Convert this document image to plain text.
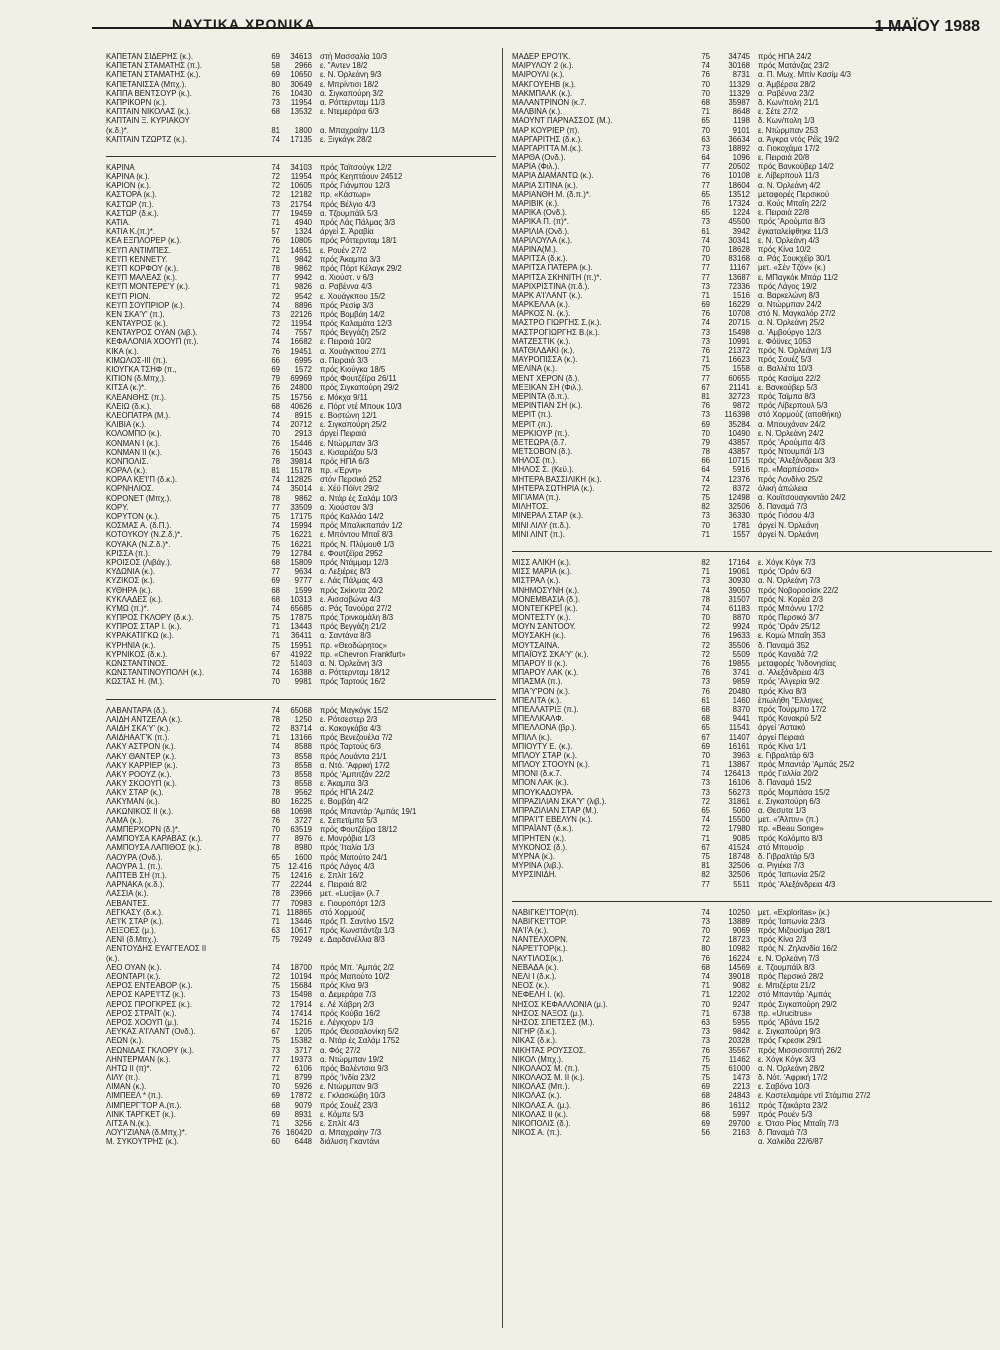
ΝΑΥΤΙΚΑ ΧΡΟΝΙΚΑ	1 ΜΑΪΟΥ 1988
ΚΑΠΕΤΑΝ ΣΙΔΕΡΗΣ (κ.).	69	34613	στή Μασσαλία 10/3
ΚΑΠΕΤΑΝ ΣΤΑΜΑΤΗΣ (π.).	58	2966	ε. "Αντεν 18/2
ΚΑΠΕΤΑΝ ΣΤΑΜΑΤΗΣ (κ.).	69	10650	ε. Ν. Όρλεάνη 9/3
ΚΑΠΕΤΑΝΙΣΣΑ (Μπχ.).	80	30649	ε. Μπρίντισι 18/2
ΚΑΠΠΑ ΒΕΝΤΣΟΥΡ (κ.).	76	10430	α. Σιγκαπούρη 3/2
ΚΑΠΡΙΚΟΡΝ (κ.).	73	11954	α. Ρόττερνταμ 11/3
ΚΑΠΤΑΙΝ ΝΙΚΟΛΑΣ (κ.).	68	13532	ε. Ντεμεράρα 6/3
ΚΑΠΤΑΙΝ Ξ. ΚΥΡΙΑΚΟΥ
(κ.δ.)*.	81	1800	α. Μπαχραίην 11/3
ΚΑΠΤΑΙΝ ΤΖΩΡΤΖ (κ.).	74	17135	ε. Ξιγκάγκ 28/2
ΚΑΡΙΝΑ	74	34103	πρός Ταϊτσούγκ 12/2
ΚΑΡΙΝΑ (κ.).	72	11954	πρός Κεηπτάουν 24512
ΚΑΡΙΟΝ (κ.).	72	10605	πρός Γιάνμπου 12/3
ΚΑΣΤΟΡΑ (κ.).	72	12182	πρ. «Κάστωρ»
ΚΑΣΤΩΡ (π.).	73	21754	πρός Βέλγιο 4/3
ΚΑΣΤΩΡ (δ.κ.).	77	19459	α. Τζουμπάϊλ 5/3
ΚΑΤΙΑ.	71	4940	πρός Λάς Πάλμας 3/3
ΚΑΤΙΑ Κ.(π.)*.	57	1324	άργεί Σ. Άραβία
ΚΕΑ ΕΞΠΛΟΡΕΡ (κ.).	76	10805	πρός Ρόττερνταμ 18/1
ΚΕ'Ι'Π ΑΝΤΙΜΠΕΣ.	72	14651	ε. Ρουέν 27/2
ΚΕ'Ι'Π ΚΕΝΝΕΤΥ.	71	9842	πρός Άκαμπα 3/3
ΚΕ'Ι'Π ΚΟΡΦΟΥ (κ.).	78	9862	πρός Πόρτ Κέλαγκ 29/2
ΚΕ'Ι'Π ΜΑΛΕΑΣ (κ.).	77	9942	α. Χιούστ. ν 6/3
ΚΕ'Ι'Π ΜΟΝΤΕΡΕ'Υ (κ.).	71	9826	α. Ραβέννα 4/3
ΚΕ'Ι'Π ΡΙΟΝ.	72	9542	ε. Χουάγκπου 15/2
ΚΕ'Ι'Π ΣΟΥΠΡΙΟΡ (κ.).	74	8896	πρός Ρεσίφ 3/3
ΚΕΝ ΣΚΑ'Υ' (π.).	73	22126	πρός Βομβάη 14/2
ΚΕΝΤΑΥΡΟΣ (κ.).	72	11954	πρός Καλαμάτα 12/3
ΚΕΝΤΑΥΡΟΣ ΟΥΑΝ (λιβ.).	74	7557	πρός Βεγγάζη 25/2
ΚΕΦΑΛΟΝΙΑ ΧΟΟΥΠ (π.).	74	16682	ε. Πειραιά 10/2
ΚΙΚΑ (κ.).	76	19451	α. Χουάγκπου 27/1
ΚΙΜΩΛΟΣ-ΙΙΙ (π.).	66	6995	α. Πειραιά 3/3
ΚΙΟΥΓΚΑ ΤΣΗΦ (π.,	69	1572	πρός Κιούγκα 18/5
ΚΙΤΙΟΝ (δ.Μπχ.).	79	69969	πρός Φουτζέϊρα 26/11
ΚΙΤΣΑ (κ.)*.	76	24800	πρός Σιγκαπούρη 29/2
ΚΛΕΑΝΘΗΣ (π.).	75	15756	ε. Μόκχα 9/11
ΚΛΕΙΩ (δ.κ.).	68	40626	ε. Πόρτ ντέ Μπουκ 10/3
ΚΛΕΟΠΑΤΡΑ (Μ.).	74	8915	ε. Βοστώνη 12/1
ΚΛΙΒΙΑ (κ.).	74	20712	ε. Σιγκαπούρη 25/2
ΚΟΛΟΜΠΟ (κ.).	70	2913	άργεί Πειραιά
ΚΟΝΜΑΝ Ι (κ.).	76	15446	ε. Ντώρμπαν 3/3
ΚΟΝΜΑΝ ΙΙ (κ.).	76	15043	ε. Κισαράζου 5/3
ΚΟΝΠΟΛΙΣ.	78	39814	πρός ΗΠΑ 6/3
ΚΟΡΑΛ (κ.).	81	15178	πρ. «Έρνη»
ΚΟΡΑΛ ΚΕ'Ι'Π (δ.κ.).	74 112825	στόν Περσικό 252
ΚΟΡΝΗΛΙΟΣ.	74	35014	ε. Χέϋ Πόϊντ 29/2
ΚΟΡΟΝΕΤ (Μπχ.).	78	9862	α. Ντάρ ές Σαλάμ 10/3
ΚΟΡΥ.	77	33509	α. Χιούστον 3/3
ΚΟΡΥΤΟΝ (κ.).	75	17175	πρός Καλλάο 14/2
ΚΟΣΜΑΣ Α. (δ.Π.).	74	15994	πρός Μπαλικπαπάν 1/2
ΚΟΤΟΥΚΟΥ (Ν.Ζ.δ.)*.	75	16221	ε. Μπόντου Μπαΐ 8/3
ΚΟΥΑΚΑ (Ν.Ζ.δ.)*.	75	16221	πρός Ν. Πλύμουθ 1/3
ΚΡΙΣΣΑ (π.).	79	12784	ε. Φουτζέϊρα 2952
ΚΡΟΙΣΟΣ (Λιβάγ.).	68	15809	πρός Ντάμμαμ 12/3
ΚΥΔΩΝΙΑ (κ.).	77	9634	α. Λεξιέρες 8/3
ΚΥΖΙΚΟΣ (κ.).	69	9777	ε. Λάς Πάλμας 4/3
ΚΥΘΗΡΑ (κ.).	68	1599	πρός Σκίκντα 20/2
ΚΥΚΛΑΔΕΣ (κ.).	68	10313	ε. Αισσαβώνα 4/3
ΚΥΜΩ (π.)*.	74	65685	α. Ράς Τανούρα 27/2
ΚΥΠΡΟΣ ΓΚΛΟΡΥ (δ.κ.).	75	17875	πρός Τρινκομάλη 8/3
ΚΥΠΡΟΣ ΣΤΑΡ Ι. (κ.).	71	13443	πρός Βεγγάζη 21/2
ΚΥΡΑΚΑΤΙΓΚΩ (κ.).	71	36411	α. Σαντάνα 8/3
ΚΥΡΗΝΙΑ (κ.).	75	15951	πρ. «Θεοδώρητος»
ΚΥΡΝΙΚΟΣ (δ.κ.).	67	41922	πρ. «Chevron Frankfurt»
ΚΩΝΣΤΑΝΤΙΝΟΣ.	72	51403	α. Ν. Όρλεάνη 3/3
ΚΩΝΣΤΑΝΤΙΝΟΥΠΟΛΗ (κ.).	74	16388	α. Ρόττερνταμ 18/12
ΚΩΣΤΑΣ Η. (Μ.).	70	9981	πρός Ταρτούς 16/2
ΛΑΒΑΝΤΑΡΑ (δ.).	74	65068	πρός Μαγκόγκ 15/2
ΛΑΙΔΗ ΑΝΤΖΕΛΑ (κ.).	78	1250	ε. Ρότσεστερ 2/3
ΛΑΙΔΗ ΣΚΑ'Υ' (κ.).	72	83714	α. Κακογκάβα 4/3
ΛΑΙΔΗΑΑ'Γ'Κ (π.).	71	13166	πρός Βενεζουέλα 7/2
ΛΑΚΥ ΑΣΤΡΟΝ (κ.).	74	8588	πρός Ταρτούς 6/3
ΛΑΚΥ ΘΑΝΤΕΡ (κ.).	73	8558	πρός Λουάντα 21/1
ΛΑΚΥ ΚΑΡΡΙΕΡ (κ.).	73	8558	α. Ντό. 'Αφρική 17/2
ΛΑΚΥ ΡΟΟΥΖ (κ.).	73	8558	πρός 'Αμπιτζάν 22/2
ΛΑΚΥ ΣΚΟΟΥΠ (κ.).	73	8558	ε. Άκαμπα 3/3
ΛΑΚΥ ΣΤΑΡ (κ.).	78	9562	πρός ΗΠΑ 24/2
ΛΑΚΥΜΑΝ (κ.).	80	16225	ε. Βομβάη 4/2
ΛΑΚΩΝΙΚΟΣ ΙΙ (κ.).	68	10698	πρός Μπαντάρ 'Αμπάς 19/1
ΛΑΜΑ (κ.).	76	3727	ε. Σεπετίμπα 5/3
ΛΑΜΠΕΡΧΟΡΝ (δ.)*.	70	63519	πρός Φουτζέϊρα 18/12
ΛΑΜΠΟΥΣΑ ΚΑΡΑΒΑΣ (κ.).	77	8976	ε. Μονρόβια 1/3
ΛΑΜΠΟΥΣΑ ΛΑΠΙΘΟΣ (κ.).	78	8980	πρός 'Ιταλία 1/3
ΛΑΟΥΡΑ (Ονδ.).	65	1600	πρός Ματούτο 24/1
ΛΑΟΥΡΑ 1. (π.).	75	12.416	πρός Λάγος 4/3
ΛΑΠΤΕΒ ΣΗ (π.).	75	12416	ε. Σπλίτ 16/2
ΛΑΡΝΑΚΑ (κ.δ.).	77	22244	ε. Πειραιά 8/2
ΛΑΣΣΙΑ (κ.).	78	23966	μετ. «Lucija» (λ.7
ΛΕΒΑΝΤΕΣ.	77	70983	ε. Γιουροπόρτ 12/3
ΛΕΓΚΑΣΥ (δ.κ.).	71 118865	στό Χορμούζ
ΛΕ'Ι'Κ ΣΤΑΡ (κ.).	71	13446	πρός Π. Σαντίνο 15/2
ΛΕΙΞΟΕΣ (μ.).	63	10617	πρός Κωνστάντζα 1/3
ΛΕΝΙ (δ.Μπχ.).	75	79249	ε. Δαρδανέλλια 8/3
ΛΕΝΤΟΥΔΗΣ ΕΥΑΓΓΕΛΟΣ ΙΙ
(κ.).
ΛΕΟ ΟΥΑΝ (κ.).	74	18700	πρός Μπ. 'Αμπάς 2/2
ΛΕΟΝΤΑΡΙ (κ.).	72	10194	πρός Μαπούτο 10/2
ΛΕΡΟΣ ΕΝΤΕΑΒΟΡ (κ.).	75	15684	πρός Κίνα 9/3
ΛΕΡΟΣ ΚΑΡΕ'Ι'ΤΖ (κ.).	73	15498	α. Δεμεράρα 7/3
ΛΕΡΟΣ ΠΡΟΓΚΡΕΣ (κ.).	72	17914	ε. Λέ Χάβρη 2/3
ΛΕΡΟΣ ΣΤΡΑΪΤ (κ.).	74	17414	πρός Κούβα 16/2
ΛΕΡΟΣ ΧΟΟΥΠ (μ.).	74	15216	ε. Λέγκχορν 1/3
ΛΕΥΚΑΣ Α'Ι'ΛΑΝΤ (Ονδ.).	67	1205	πρός Θεσσαλονίκη 5/2
ΛΕΩΝ (κ.).	75	15382	α. Ντάρ ές Σαλάμ 1752
ΛΕΩΝΙΔΑΣ ΓΚΛΟΡΥ (κ.).	73	3717	α. Φός 27/2
ΛΗΝΤΕΡΜΑΝ (κ.).	77	19373	α. Ντώρμπαν 19/2
ΛΗΤΩ ΙΙ (π)*.	72	6106	πρός Βαλέντσια 9/3
ΛΙΛΥ (π.).	71	8799	πρός 'Ινδία 23/2
ΛΙΜΑΝ (κ.).	70	5926	ε. Ντώρμπαν 9/3
ΛΙΜΠΕΕΛ * (π.).	69	17872	ε. Γκλασκώβη 10/3
ΛΙΜΠΕΡΓ'ΤΟΡ Α.(π.).	68	9079	πρός Σουέζ 23/3
ΛΙΝΚ ΤΑΡΓΚΕΤ (κ.).	69	8931	ε. Κόμπε 5/3
ΛΙΤΣΑ Ν.(κ.).	71	3256	ε. Σπλίτ 4/3
ΛΟΥ'Ι'ΖΙΑΝΑ (δ.Μπχ.)*.	76 160420	α. Μπαχραίην 7/3
Μ. ΣΥΚΟΥΤΡΗΣ (κ.).	60	6448	διάλυση Γκαντάνι
ΜΑΔΕΡ ΕΡΟ'Ι'Κ.	75	34745	πρός ΗΠΑ 24/2
ΜΑΙΡΥΛΟΥ 2 (κ.).	74	30168	πρός Ματάνζας 23/2
ΜΑΙΡΟΥΛΙ (κ.).	76	8731	α. Π. Μωχ. Μπίν Κασίμ 4/3
ΜΑΚΓΟΥΕΗΒ (κ.).	70	11329	α. Άμβέρσα 28/2
ΜΑΚΜΠΑΛΚ (κ.).	70	11329	α. Ραβέννα 23/2
ΜΑΛΑΝΤΡΙΝΟΝ (κ.7.	68	35987	δ. Κων/πολη 21/1
ΜΑΛΒΙΝΑ (κ.).	71	8648	ε. Σέτε 27/2
ΜΑΟΥΝΤ ΠΑΡΝΑΣΣΟΣ (Μ.).	65	1198	δ. Κων/πολη 1/3
ΜΑΡ ΚΟΥΡΙΕΡ (π).	70	9101	ε. Ντώρμπαν 253
ΜΑΡΓΑΡΙΤΗΣ (δ.κ.).	63	36634	α. Άγκρα ντός Ρέϊς 19/2
ΜΑΡΓΑΡΙΤΤΑ Μ.(κ.).	73	18892	α. Γιοκοχάμα 17/2
ΜΑΡΘΑ (Ονδ.).	64	1096	ε. Πειραιά 20/8
ΜΑΡΙΑ (Φιλ.).	77	20502	πρός Βανκούβερ 14/2
ΜΑΡΙΑ ΔΙΑΜΑΝΤΩ (κ.).	76	10108	ε. Λίβερπουλ 11/3
ΜΑΡΙΑ ΣΙΤΙΝΑ (κ.).	77	18604	α. Ν. Όρλεάνη 4/2
ΜΑΡΙΑΝΘΗ Μ. (δ.π.)*.	65	13512	μεταφορές Περσικού
ΜΑΡΙΒΙΚ (κ.).	76	17324	α. Κούς Μπαΐη 22/2
ΜΑΡΙΚΑ (Ονδ.).	65	1224	ε. Πειραιά 22/8
ΜΑΡΙΚΑ Π. (π)*.	73	45500	πρός 'Αρούμπα 8/3
ΜΑΡΙΛΙΑ (Ονδ.).	61	3942	έγκαταλείφθηκε 11/3
ΜΑΡΙΛΟΥΛΑ (κ.).	74	30341	ε. Ν. Όρλεάνη 4/3
ΜΑΡΙΝΑ(Μ.).	70	18628	πρός Κίνα 10/2
ΜΑΡΙΤΣΑ (δ.κ.).	70	83168	α. Ράς Σουκχέϊρ 30/1
ΜΑΡΙΤΣΑ ΠΑΤΕΡΑ (κ.).	77	11167	μετ. «Σέν Τζόν» (κ.)
ΜΑΡΙΤΣΑ ΣΚΗΝΙΤΗ (π.)*.	77	13687	ε. ΜΠαγκόκ Μπάρ 11/2
ΜΑΡΙΧΡΙΣΤΙΝΑ (π.δ.).	73	72336	πρός Λάγος 19/2
ΜΑΡΚ Α'Ι'ΛΑΝΤ (κ.).	71	1516	α. Βαρκελώνη 8/3
ΜΑΡΚΕΛΛΑ (κ.).	69	16229	α. Ντώρμπαν 24/2
ΜΑΡΚΟΣ Ν. (κ.).	76	10708	στό Ν. Μαγκαλόρ 27/2
ΜΑΣΤΡΟ ΓΙΩΡΓΗΣ Σ.(κ.).	74	20715	α. Ν. Όρλεάνη 25/2
ΜΑΣΤΡΟΓΙΩΡΓΗΣ Β.(κ.).	73	15498	α. 'Αμβούργο 12/3
ΜΑΤΖΕΣΤΙΚ (κ.).	73	10991	ε. Φόϋνες 1053
ΜΑΤΘΙΛΔΑΚΙ (κ.).	76	21372	πρός Ν. Όρλεάνη 1/3
ΜΑΥΡΟΠΙΣΣΑ (κ.).	71	16623	πρός Σουέζ 5/3
ΜΕΛΙΝΑ (κ.).	75	1558	α. Βαλλέτα 10/3
ΜΕΝΤ ΧΕΡΟΝ (δ.).	77	60655	πρός Κασίμα 22/2
ΜΕΞΙΚΑΝ ΣΗ (Φιλ.).	67	21141	ε. Βανκούβερ 5/3
ΜΕΡΙΝΤΑ (δ.π.).	81	32723	πρός Ταϊμπα 8/3
ΜΕΡΙΝΤΙΑΝ ΣΗ (κ.).	76	9872	πρός Λίβερπουλ 5/3
ΜΕΡΙΤ (π.).	73	116398	στό Χορμούζ (αποθήκη)
ΜΕΡΙΤ (π.).	69	35284	α. Μπουχάναν 24/2
ΜΕΡΚΙΟΥΡ (π.).	70	10490	ε. Ν. Όρλεάνη 24/2
ΜΕΤΕΩΡΑ (δ.7.	79	43857	πρός 'Αρούμπα 4/3
ΜΕΤΣΟΒΟΝ (δ.).	78	43857	πρός Ντουμπάϊ 1/3
ΜΗΛΟΣ (π.).	66	10715	πρός 'Αλεξάνδρεια 3/3
ΜΗΛΟΣ Σ. (Κεϋ.).	64	5916	πρ. «Μαρπέσσα»
ΜΗΤΕΡΑ ΒΑΣΣΙΛΙΚΗ (κ.).	74	12376	πρός Λονδίνο 25/2
ΜΗΤΕΡΑ ΣΩΤΗΡΙΑ (κ.).	72	8372	όλική άπώλεια
ΜΙΓΙΑΜΑ (π.).	75	12498	α. Κουϊτσουαγκιντάο 24/2
ΜΙΛΗΤΟΣ.	82	32506	δ. Παναμά 7/3
ΜΙΝΕΡΑΛ ΣΤΑΡ (κ.).	73	36330	πρός Γιόσου 4/3
ΜΙΝΙ ΛΙΛΥ (π.δ.).	70	1781	άργεί Ν. Όρλεάνη
ΜΙΝΙ ΛΙΝΤ (π.).	71	1557	άργεί Ν. Όρλεάνη
ΜΙΣΣ ΑΛΙΚΗ (κ.).	82	17164	ε. Χόγκ Κόγκ 7/3
ΜΙΣΣ ΜΑΡΙΑ (κ.).	71	19061	πρός 'Οράν 6/3
ΜΙΣΤΡΑΛ (κ.).	73	30930	α. Ν. Όρλεάνη 7/3
ΜΝΗΜΟΣΥΝΗ (κ.).	74	39050	πρός Νοβοροσίσκ 22/2
ΜΟΝΕΜΒΑΣΙΑ (δ.).	78	31507	πρός Ν. Κορέα 2/3
ΜΟΝΤΕΓΚΡΕΪ (κ.).	74	61183	πρός Μπόννυ 17/2
ΜΟΝΤΕΣΤΥ (κ.).	70	8870	πρός Περσικό 3/7
ΜΟΥΝ ΣΑΝΤΟΟΥ.	72	9924	πρός 'Οράν 25/12
ΜΟΥΣΑΚΗ (κ.).	76	19633	ε. Κομώ Μπαΐη 353
ΜΟΥΤΣΑΙΝΑ.	72	35506	δ. Παναμά 352
ΜΠΑΪΟΥΣ ΣΚΑ'Υ' (κ.).	72	5509	πρός Καναδά 7/2
ΜΠΑΡΟΥ ΙΙ (κ.).	76	19855	μεταφορές 'Ινδονησίας
ΜΠΑΡΟΥ ΛΑΚ (κ.).	76	3741	α. 'Αλεξάνδρεια 4/3
ΜΠΑΣΜΑ (π.).	73	9859	πρός 'Αλγερία 9/2
ΜΠΑ'Υ'ΡΟΝ (κ.).	76	20480	πρός Κίνα 8/3
ΜΠΕΛΙΤΑ (κ.).	61	1460	έπωλήθη "Ελληνες
ΜΠΕΛΛΑΤΡΙΞ (π.).	68	8370	πρός Τούρμπο 17/2
ΜΠΕΛΛΚΑΛΦ.	68	9441	πρός Κονακρύ 5/2
ΜΠΕΛΛΟΝΑ (βρ.).	65	11541	άργεί 'Αστακό
ΜΠΙΛΛ (κ.).	67	11407	άργεί Πειραιά
ΜΠΙΟΥΤΥ Ε. (κ.).	69	16161	πρός Κίνα 1/1
ΜΠΛΟΥ ΣΤΑΡ (κ.).	70	3963	ε. Γιβραλτάρ 6/3
ΜΠΛΟΥ ΣΤΟΟΥΝ (κ.).	71	13867	πρός Μπαντάρ 'Αμπάς 25/2
ΜΠΟΝΙ (δ.κ.7.	74	126413	πρός Γαλλία 20/2
ΜΠΟΝ ΛΑΚ (κ.).	73	16106	δ. Παναμά 15/2
ΜΠΟΥΚΑΔΟΥΡΑ.	73	56273	πρός Μομπάσα 15/2
ΜΠΡΑΖΙΛΙΑΝ ΣΚΑ'Υ' (λιβ.).	72	31861	ε. Σιγκαπούρη 6/3
ΜΠΡΑΖΙΛΙΑΝ ΣΤΑΡ (Μ.).	65	5060	α. Θεσυτα 1/3
ΜΠΡΑ'Ι'Τ ΕΒΕΛΥΝ (κ.).	74	15500	μετ. «'Άλπιν» (π.)
ΜΠΡΑΪΑΝΤ (δ.κ.).	72	17980	πρ. «Beau Songe»
ΜΠΡΗΤΕΝ (κ.).	71	9085	πρός Κολόμπο 8/3
ΜΥΚΟΝΟΣ (δ.).	67	41524	στό Μπουσίρ
ΜΥΡΝΑ (κ.).	75	18748	δ. Γιβραλτάρ 5/3
ΜΥΡΙΝΑ (λιβ.).	81	32506	α. Ριγιέκα 7/3
ΜΥΡΣΙΝΙΔΗ.	82	32506	πρός 'Ιαπωνία 25/2
77	5511	πρός 'Αλεξάνδρεια 4/3
ΝΑΒΙΓΚΕ'Ι'ΤΟΡ(π).	74	10250	μετ. «Exploritas» (κ.)
ΝΑΒΙΓΚΕ'Ι'ΤΟΡ.	73	13889	πρός 'Ιαπωνία 23/3
ΝΑ'Ι'Α (κ.).	70	9069	πρός Μιζουσίμα 28/1
ΝΑΝΤΕΛΧΟΡΝ.	72	18723	πρός Κίνα 2/3
ΝΑΡΕ'Ι'ΤΟΡ(κ.).	80	10982	πρός Ν. Ζηλανδία 16/2
ΝΑΥΤΙΛΟΣ(κ.).	76	16224	ε. Ν. Όρλεάνη 7/3
ΝΕΒΑΔΑ (κ.).	68	14569	ε. Τζουμπάϊλ 8/3
ΝΕΛΙ Ι (δ.κ.).	74	39018	πρός Περσικό 28/2
ΝΕΟΣ (κ.).	71	9082	ε. Μπιζέρτα 21/2
ΝΕΦΕΛΗ Ι. (κ).	71	12202	στό Μπαντάρ 'Αμπάς
ΝΗΣΟΣ ΚΕΦΑΛΛΟΝΙΑ (μ.).	70	9247	πρός Σιγκαπούρη 29/2
ΝΗΣΟΣ ΝΑΞΟΣ (μ.).	71	6738	πρ. «Urucitrus»
ΝΗΣΟΣ ΣΠΕΤΣΕΣ (Μ.).	63	5955	πρός 'Αβάνα 15/2
ΝΙΓΗΡ (δ.κ.).	73	9842	ε. Σιγκαπούρη 9/3
ΝΙΚΑΣ (δ.κ.).	73	20328	πρός Γκρεσικ 29/1
ΝΙΚΗΤΑΣ ΡΟΥΣΣΟΣ.	76	35567	πρός Μισσισσιππή 26/2
ΝΙΚΟΛ (Μπχ.).	75	11462	ε. Χόγκ Κόγκ 3/3
ΝΙΚΟΛΑΟΣ Μ. (π.).	75	61000	α. Ν. Όρλεάνη 28/2
ΝΙΚΟΛΑΟΣ Μ. ΙΙ (κ.).	75	1473	δ. Νότ. 'Αφρική 17/2
ΝΙΚΟΛΑΣ (Μπ.).	69	2213	ε. Σαβόνα 10/3
ΝΙΚΟΛΑΣ (κ.).	68	24843	ε. Καστελαμάρε ντί Στάμπια 27/2
ΝΙΚΟΛΑΣ Α. (μ.).	86	16112	πρός Τζακάρτα 23/2
ΝΙΚΟΛΑΣ ΙΙ (κ.).	68	5997	πρός Ρουέν 5/3
ΝΙΚΟΠΟΛΙΣ (δ.).	69	29700	ε. Ότσο Ρίος Μπαΐη 7/3
ΝΙΚΟΣ Α. (π.).	56	2163	δ. Παναμά 7/3
α. Χαλκίδα 22/6/87
